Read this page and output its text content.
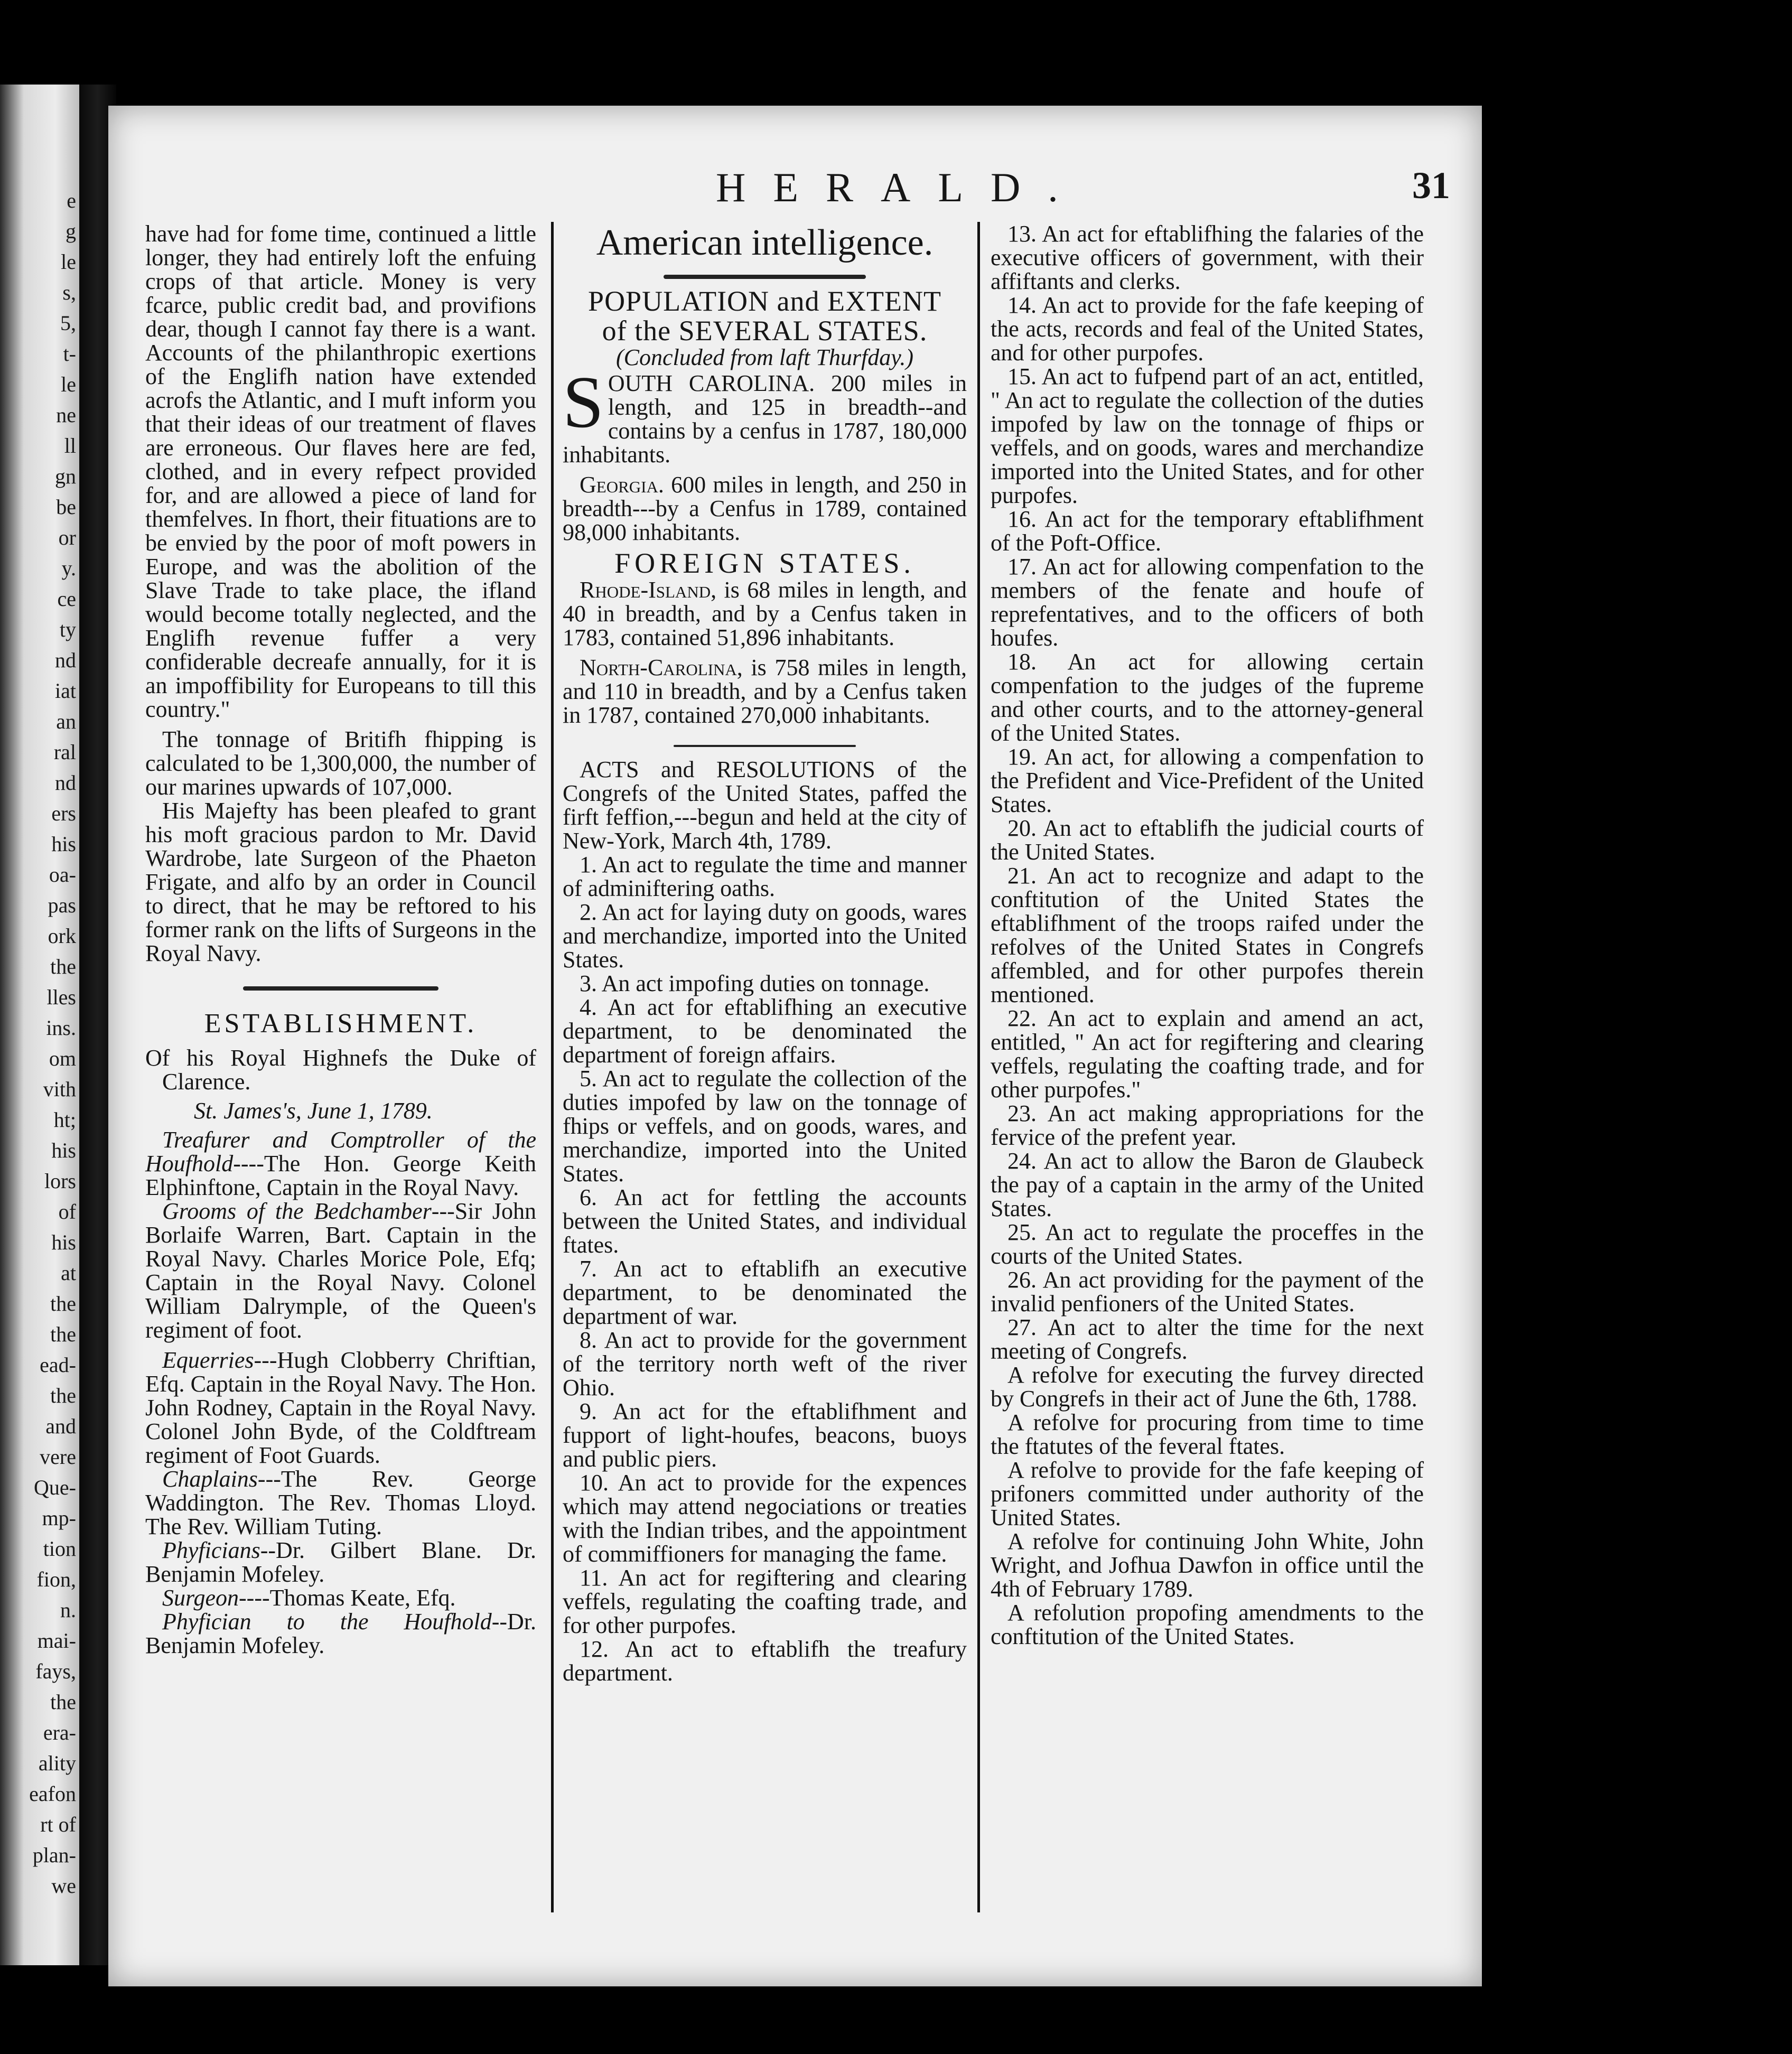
e
g
le
s,
5,
t-
le
ne
ll
gn
be
or
y.
ce
ty
nd
iat
an
ral
nd
ers
his
oa-
pas
ork
the
lles
ins.
om
vith
ht;
his
lors
of
his
at
the
the
ead-
the
and
vere
Que-
mp-
tion
fion,
n.
mai-
fays,
the
era-
ality
eafon
rt of
plan-
we
HERALD.	31

have had for fome time, continued a little longer, they had entirely loft the enfuing crops of that article. Money is very fcarce, public credit bad, and provifions dear, though I cannot fay there is a want. Accounts of the philanthropic exertions of the Englifh nation have extended acrofs the Atlantic, and I muft inform you that their ideas of our treatment of flaves are erroneous. Our flaves here are fed, clothed, and in every refpect provided for, and are allowed a piece of land for themfelves. In fhort, their fituations are to be envied by the poor of moft powers in Europe, and was the abolition of the Slave Trade to take place, the ifland would become totally neglected, and the Englifh revenue fuffer a very confiderable decreafe annually, for it is an impoffibility for Europeans to till this country."

The tonnage of Britifh fhipping is calculated to be 1,300,000, the number of our marines upwards of 107,000.

His Majefty has been pleafed to grant his moft gracious pardon to Mr. David Wardrobe, late Surgeon of the Phaeton Frigate, and alfo by an order in Council to direct, that he may be reftored to his former rank on the lifts of Surgeons in the Royal Navy.

ESTABLISHMENT.

Of his Royal Highnefs the Duke of Clarence.

St. James's, June 1, 1789.

Treafurer and Comptroller of the Houfhold----The Hon. George Keith Elphinftone, Captain in the Royal Navy.

Grooms of the Bedchamber---Sir John Borlaife Warren, Bart. Captain in the Royal Navy. Charles Morice Pole, Efq; Captain in the Royal Navy. Colonel William Dalrymple, of the Queen's regiment of foot.

Equerries---Hugh Clobberry Chriftian, Efq. Captain in the Royal Navy. The Hon. John Rodney, Captain in the Royal Navy. Colonel John Byde, of the Coldftream regiment of Foot Guards.

Chaplains---The Rev. George Waddington. The Rev. Thomas Lloyd. The Rev. William Tuting.

Phyficians--Dr. Gilbert Blane. Dr. Benjamin Mofeley.

Surgeon----Thomas Keate, Efq.

Phyfician to the Houfhold--Dr. Benjamin Mofeley.

American intelligence.
POPULATION and EXTENT
of the SEVERAL STATES.
(Concluded from laft Thurfday.)

SOUTH CAROLINA. 200 miles in length, and 125 in breadth--and contains by a cenfus in 1787, 180,000 inhabitants.

Georgia. 600 miles in length, and 250 in breadth---by a Cenfus in 1789, contained 98,000 inhabitants.

FOREIGN STATES.

Rhode-Island, is 68 miles in length, and 40 in breadth, and by a Cenfus taken in 1783, contained 51,896 inhabitants.

North-Carolina, is 758 miles in length, and 110 in breadth, and by a Cenfus taken in 1787, contained 270,000 inhabitants.

ACTS and RESOLUTIONS of the Congrefs of the United States, paffed the firft feffion,---begun and held at the city of New-York, March 4th, 1789.

1. An act to regulate the time and manner of adminiftering oaths.

2. An act for laying duty on goods, wares and merchandize, imported into the United States.

3. An act impofing duties on tonnage.

4. An act for eftablifhing an executive department, to be denominated the department of foreign affairs.

5. An act to regulate the collection of the duties impofed by law on the tonnage of fhips or veffels, and on goods, wares, and merchandize, imported into the United States.

6. An act for fettling the accounts between the United States, and individual ftates.

7. An act to eftablifh an executive department, to be denominated the department of war.

8. An act to provide for the government of the territory north weft of the river Ohio.

9. An act for the eftablifhment and fupport of light-houfes, beacons, buoys and public piers.

10. An act to provide for the expences which may attend negociations or treaties with the Indian tribes, and the appointment of commiffioners for managing the fame.

11. An act for regiftering and clearing veffels, regulating the coafting trade, and for other purpofes.

12. An act to eftablifh the treafury department.

13. An act for eftablifhing the falaries of the executive officers of government, with their affiftants and clerks.

14. An act to provide for the fafe keeping of the acts, records and feal of the United States, and for other purpofes.

15. An act to fufpend part of an act, entitled, " An act to regulate the collection of the duties impofed by law on the tonnage of fhips or veffels, and on goods, wares and merchandize imported into the United States, and for other purpofes.

16. An act for the temporary eftablifhment of the Poft-Office.

17. An act for allowing compenfation to the members of the fenate and houfe of reprefentatives, and to the officers of both houfes.

18. An act for allowing certain compenfation to the judges of the fupreme and other courts, and to the attorney-general of the United States.

19. An act, for allowing a compenfation to the Prefident and Vice-Prefident of the United States.

20. An act to eftablifh the judicial courts of the United States.

21. An act to recognize and adapt to the conftitution of the United States the eftablifhment of the troops raifed under the refolves of the United States in Congrefs affembled, and for other purpofes therein mentioned.

22. An act to explain and amend an act, entitled, " An act for regiftering and clearing veffels, regulating the coafting trade, and for other purpofes."

23. An act making appropriations for the fervice of the prefent year.

24. An act to allow the Baron de Glaubeck the pay of a captain in the army of the United States.

25. An act to regulate the proceffes in the courts of the United States.

26. An act providing for the payment of the invalid penfioners of the United States.

27. An act to alter the time for the next meeting of Congrefs.

A refolve for executing the furvey directed by Congrefs in their act of June the 6th, 1788.

A refolve for procuring from time to time the ftatutes of the feveral ftates.

A refolve to provide for the fafe keeping of prifoners committed under authority of the United States.

A refolve for continuing John White, John Wright, and Jofhua Dawfon in office until the 4th of February 1789.

A refolution propofing amendments to the conftitution of the United States.
